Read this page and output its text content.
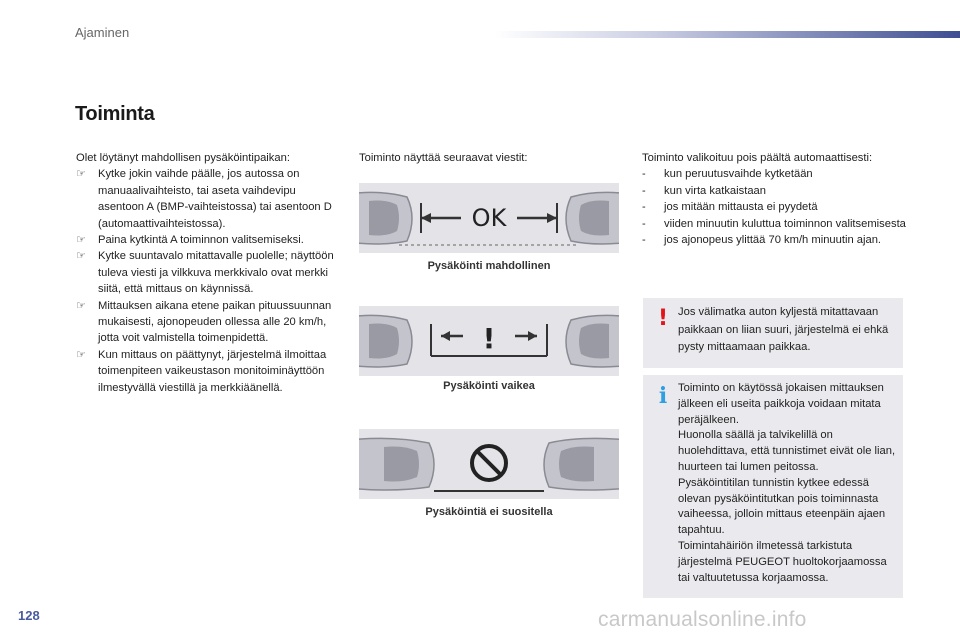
Ajaminen
Toiminta
Olet löytänyt mahdollisen pysäköintipaikan:
☞ Kytke jokin vaihde päälle, jos autossa on manuaalivaihteisto, tai aseta vaihdevipu asentoon A (BMP-vaihteistossa) tai asentoon D (automaattivaihteistossa).
☞ Paina kytkintä A toiminnon valitsemiseksi.
☞ Kytke suuntavalo mitattavalle puolelle; näyttöön tuleva viesti ja vilkkuva merkkivalo ovat merkki siitä, että mittaus on käynnissä.
☞ Mittauksen aikana etene paikan pituussuunnan mukaisesti, ajonopeuden ollessa alle 20 km/h, jotta voit valmistella toimenpidettä.
☞ Kun mittaus on päättynyt, järjestelmä ilmoittaa toimenpiteen vaikeustason monitoiminäyttöön ilmestyvällä viestillä ja merkkiäänellä.
Toiminto näyttää seuraavat viestit:
OK
Pysäköinti mahdollinen
!
Pysäköinti vaikea
Pysäköintiä ei suositella
Toiminto valikoituu pois päältä automaattisesti:
- kun peruutusvaihde kytketään
- kun virta katkaistaan
- jos mitään mittausta ei pyydetä
- viiden minuutin kuluttua toiminnon valitsemisesta
- jos ajonopeus ylittää 70 km/h minuutin ajan.
! Jos välimatka auton kyljestä mitattavaan paikkaan on liian suuri, järjestelmä ei ehkä pysty mittaamaan paikkaa.
i Toiminto on käytössä jokaisen mittauksen jälkeen eli useita paikkoja voidaan mitata peräjälkeen.
Huonolla säällä ja talvikelillä on huolehdittava, että tunnistimet eivät ole lian, huurteen tai lumen peitossa.
Pysäköintitilan tunnistin kytkee edessä olevan pysäköintitutkan pois toiminnasta vaiheessa, jolloin mittaus eteenpäin ajaen tapahtuu.
Toimintahäiriön ilmetessä tarkistuta järjestelmä PEUGEOT huoltokorjaamossa tai valtuutetussa korjaamossa.
128	carmanualsonline.info
